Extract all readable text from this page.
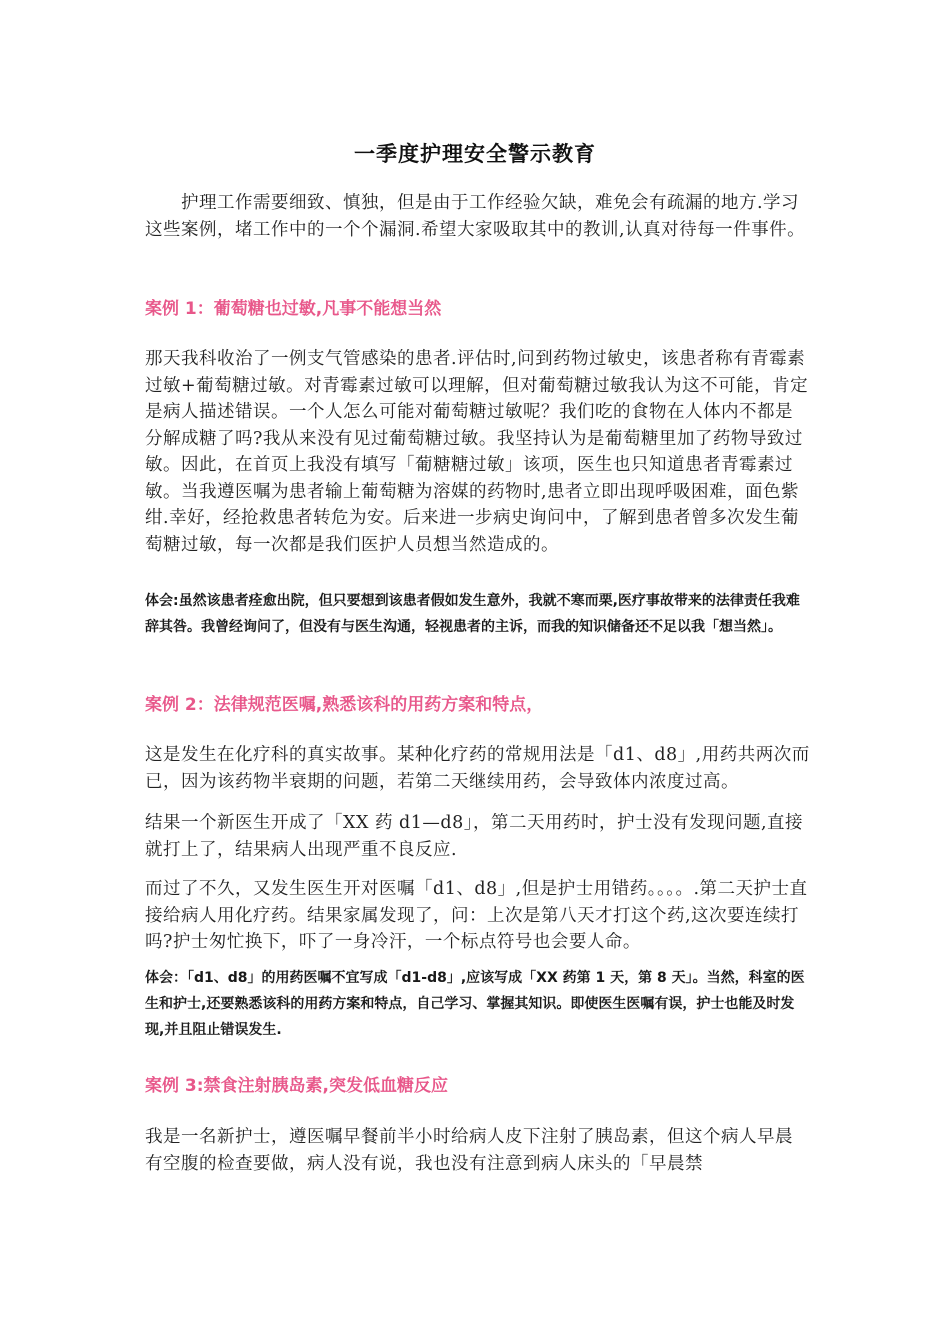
一季度护理安全警示教育

护理工作需要细致、慎独，但是由于工作经验欠缺，难免会有疏漏的地方.学习这些案例，堵工作中的一个个漏洞.希望大家吸取其中的教训,认真对待每一件事件。

案例 1：葡萄糖也过敏,凡事不能想当然

那天我科收治了一例支气管感染的患者.评估时,问到药物过敏史，该患者称有青霉素过敏+葡萄糖过敏。对青霉素过敏可以理解，但对葡萄糖过敏我认为这不可能，肯定是病人描述错误。一个人怎么可能对葡萄糖过敏呢？我们吃的食物在人体内不都是分解成糖了吗?我从来没有见过葡萄糖过敏。我坚持认为是葡萄糖里加了药物导致过敏。因此，在首页上我没有填写「葡糖糖过敏」该项，医生也只知道患者青霉素过敏。当我遵医嘱为患者输上葡萄糖为溶媒的药物时,患者立即出现呼吸困难，面色紫绀.幸好，经抢救患者转危为安。后来进一步病史询问中，了解到患者曾多次发生葡萄糖过敏，每一次都是我们医护人员想当然造成的。

体会:虽然该患者痊愈出院，但只要想到该患者假如发生意外，我就不寒而栗,医疗事故带来的法律责任我难辞其咎。我曾经询问了，但没有与医生沟通，轻视患者的主诉，而我的知识储备还不足以我「想当然」。

案例 2：法律规范医嘱,熟悉该科的用药方案和特点，

这是发生在化疗科的真实故事。某种化疗药的常规用法是「d1、d8」,用药共两次而已，因为该药物半衰期的问题，若第二天继续用药，会导致体内浓度过高。

结果一个新医生开成了「XX 药 d1—d8」，第二天用药时，护士没有发现问题,直接就打上了，结果病人出现严重不良反应.

而过了不久，又发生医生开对医嘱「d1、d8」,但是护士用错药。。。。.第二天护士直接给病人用化疗药。结果家属发现了，问：上次是第八天才打这个药,这次要连续打吗?护士匆忙换下，吓了一身冷汗，一个标点符号也会要人命。

体会：「d1、d8」的用药医嘱不宜写成「d1-d8」,应该写成「XX 药第 1 天，第 8 天」。当然，科室的医生和护士,还要熟悉该科的用药方案和特点，自己学习、掌握其知识。即使医生医嘱有误，护士也能及时发现,并且阻止错误发生.

案例 3:禁食注射胰岛素,突发低血糖反应

我是一名新护士，遵医嘱早餐前半小时给病人皮下注射了胰岛素，但这个病人早晨有空腹的检查要做，病人没有说，我也没有注意到病人床头的「早晨禁
